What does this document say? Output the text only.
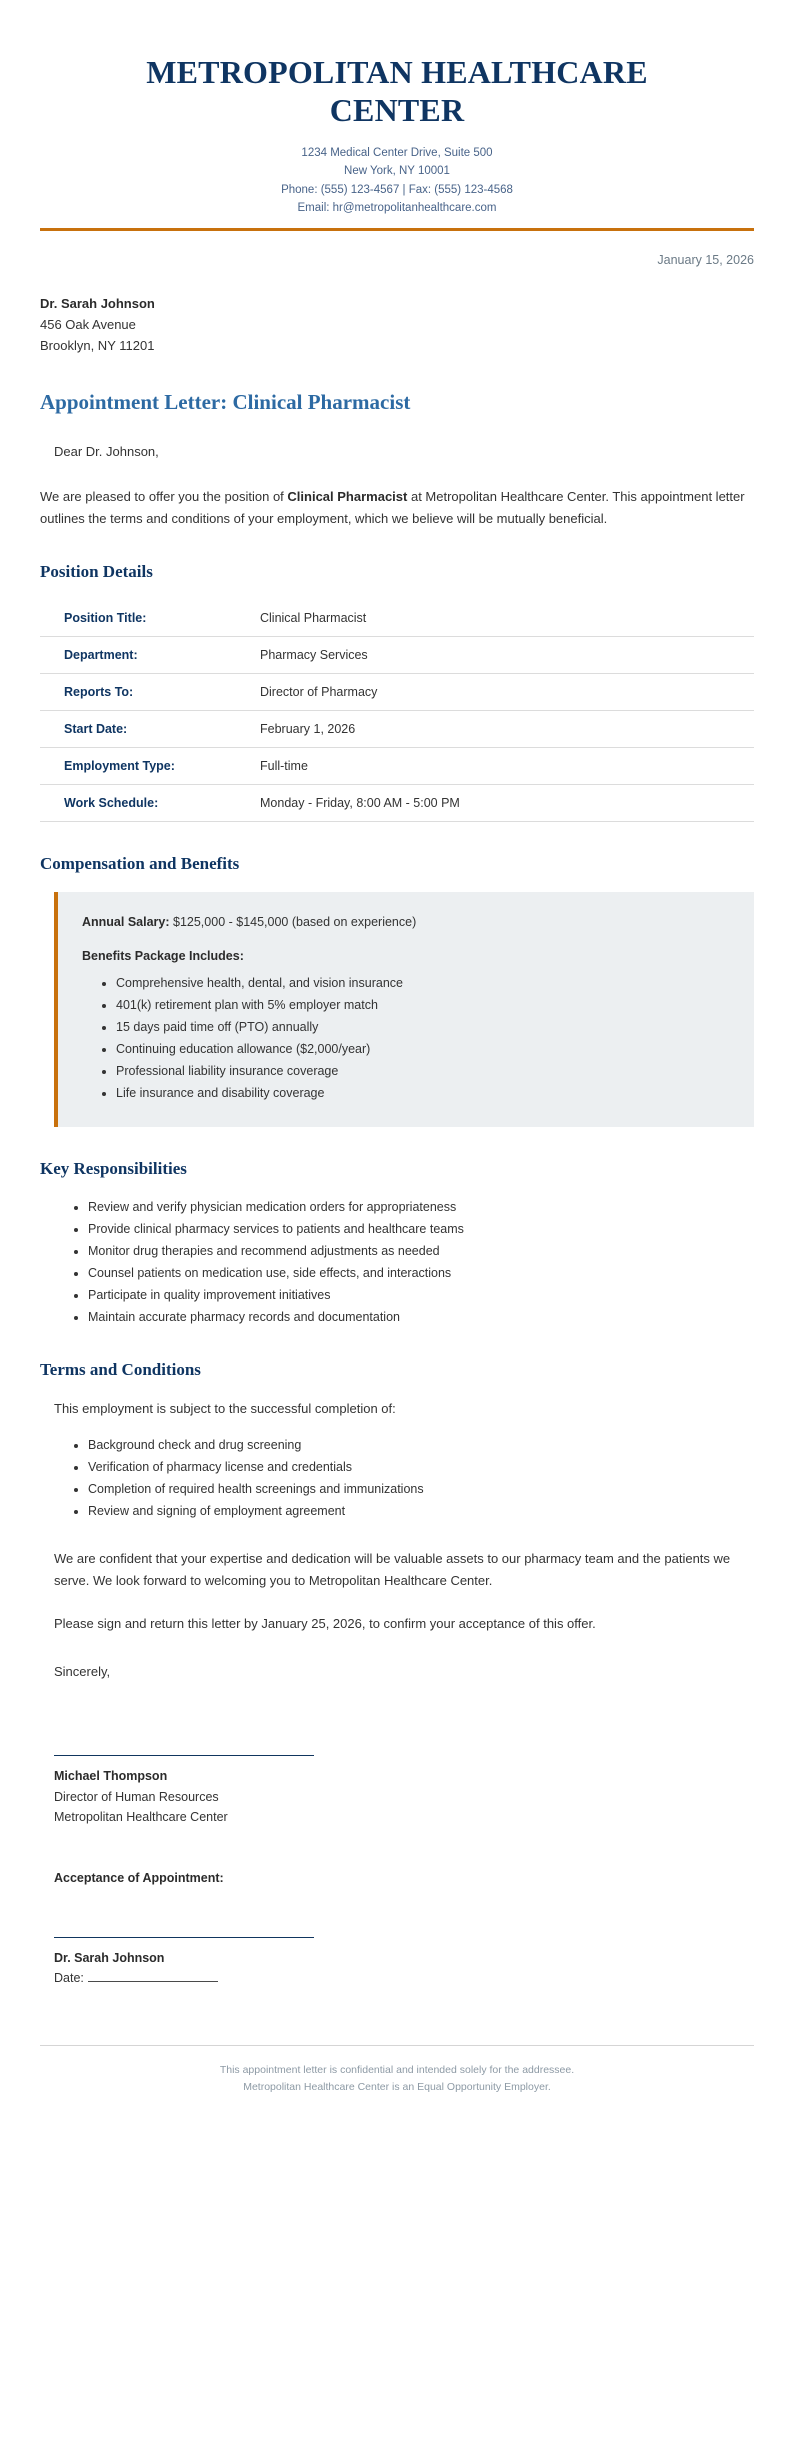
METROPOLITAN HEALTHCARE CENTER
1234 Medical Center Drive, Suite 500
New York, NY 10001
Phone: (555) 123-4567 | Fax: (555) 123-4568
Email: hr@metropolitanhealthcare.com
January 15, 2026
Dr. Sarah Johnson
456 Oak Avenue
Brooklyn, NY 11201
Appointment Letter: Clinical Pharmacist
Dear Dr. Johnson,

We are pleased to offer you the position of Clinical Pharmacist at Metropolitan Healthcare Center. This appointment letter outlines the terms and conditions of your employment, which we believe will be mutually beneficial.

Position Details
Position Title:	Clinical Pharmacist
Department:	Pharmacy Services
Reports To:	Director of Pharmacy
Start Date:	February 1, 2026
Employment Type:	Full-time
Work Schedule:	Monday - Friday, 8:00 AM - 5:00 PM
Compensation and Benefits

Annual Salary: $125,000 - $145,000 (based on experience)

Benefits Package Includes:

• Comprehensive health, dental, and vision insurance
• 401(k) retirement plan with 5% employer match
• 15 days paid time off (PTO) annually
• Continuing education allowance ($2,000/year)
• Professional liability insurance coverage
• Life insurance and disability coverage
Key Responsibilities
• Review and verify physician medication orders for appropriateness
• Provide clinical pharmacy services to patients and healthcare teams
• Monitor drug therapies and recommend adjustments as needed
• Counsel patients on medication use, side effects, and interactions
• Participate in quality improvement initiatives
• Maintain accurate pharmacy records and documentation
Terms and Conditions

This employment is subject to the successful completion of:

• Background check and drug screening
• Verification of pharmacy license and credentials
• Completion of required health screenings and immunizations
• Review and signing of employment agreement

We are confident that your expertise and dedication will be valuable assets to our pharmacy team and the patients we serve. We look forward to welcoming you to Metropolitan Healthcare Center.

Please sign and return this letter by January 25, 2026, to confirm your acceptance of this offer.

Sincerely,

Michael Thompson
Director of Human Resources
Metropolitan Healthcare Center
Acceptance of Appointment:
Dr. Sarah Johnson
Date:
This appointment letter is confidential and intended solely for the addressee.
Metropolitan Healthcare Center is an Equal Opportunity Employer.
